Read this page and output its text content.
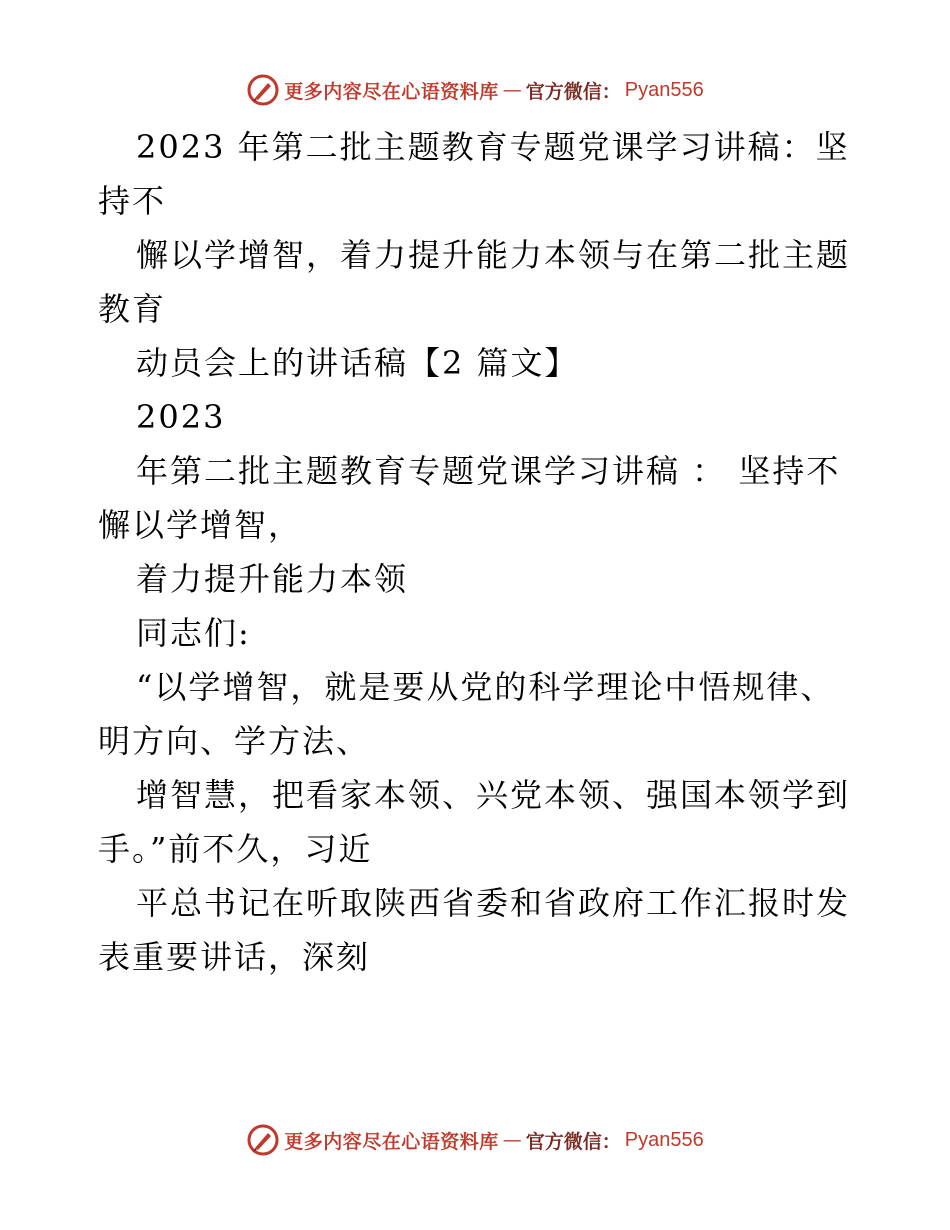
更多内容尽在心语资料库 — 官方微信： Pyan556
2023 年第二批主题教育专题党课学习讲稿：坚
持不
懈以学增智，着力提升能力本领与在第二批主题
教育
动员会上的讲话稿【2 篇文】
2023
年第二批主题教育专题党课学习讲稿 ： 坚持不
懈以学增智，
着力提升能力本领
同志们:
“以学增智，就是要从党的科学理论中悟规律、
明方向、学方法、
增智慧，把看家本领、兴党本领、强国本领学到
手。”前不久，习近
平总书记在听取陕西省委和省政府工作汇报时发
表重要讲话，深刻
更多内容尽在心语资料库 — 官方微信： Pyan556
